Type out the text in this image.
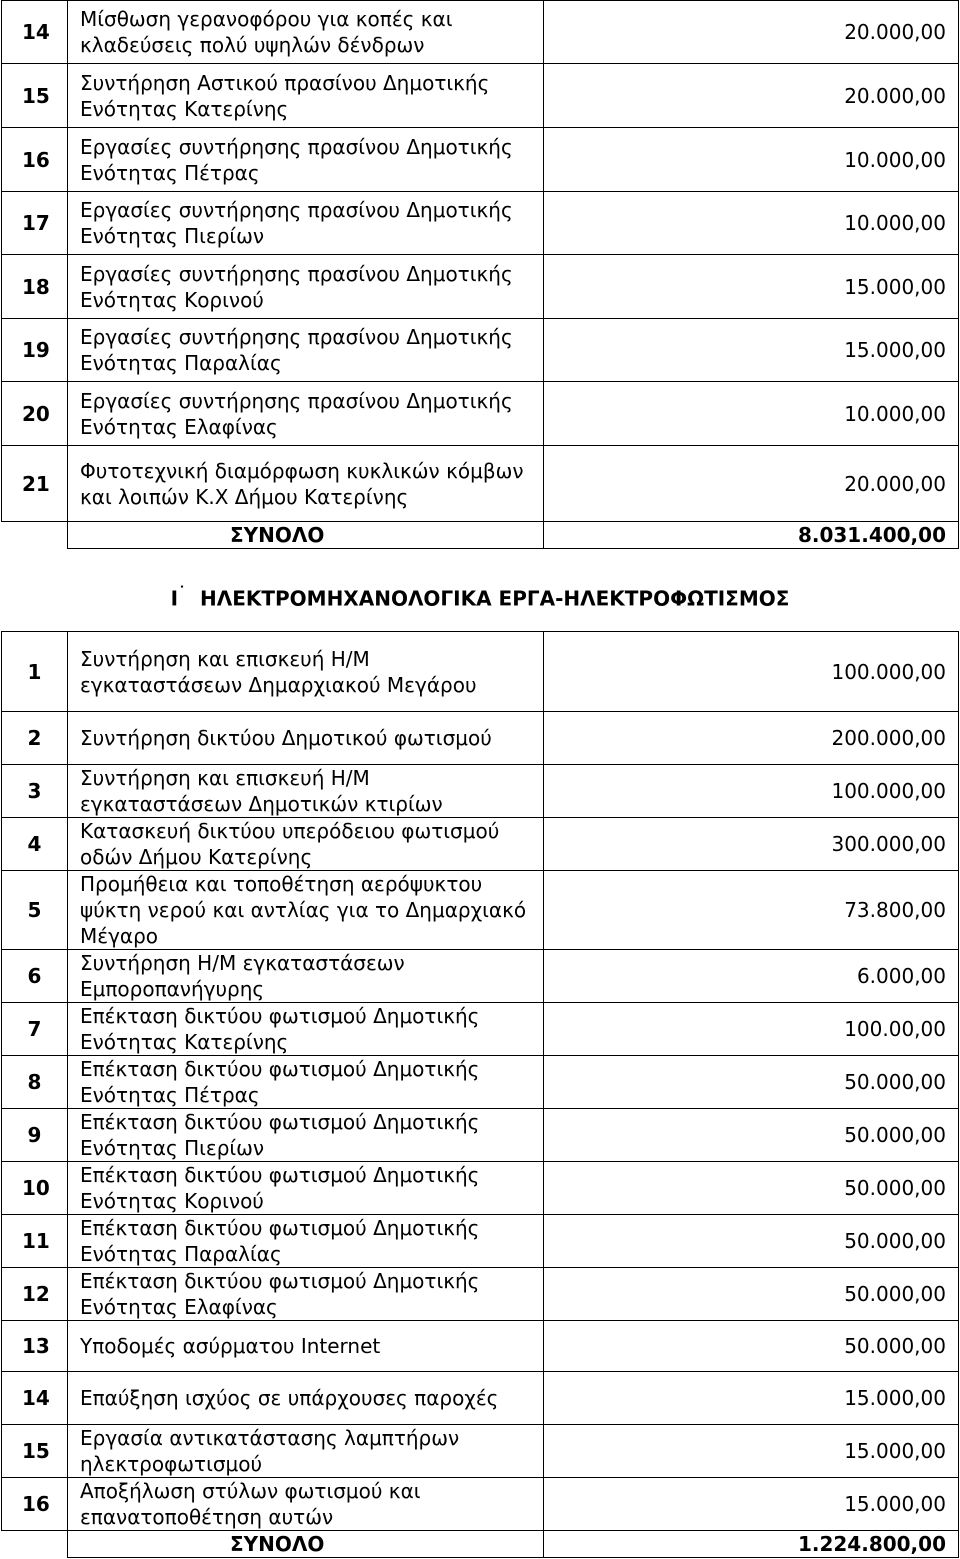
14	Μίσθωση γερανοφόρου για κοπές και κλαδεύσεις πολύ υψηλών δένδρων	20.000,00
15	Συντήρηση Αστικού πρασίνου Δημοτικής Ενότητας Κατερίνης	20.000,00
16	Εργασίες συντήρησης πρασίνου Δημοτικής Ενότητας Πέτρας	10.000,00
17	Εργασίες συντήρησης πρασίνου Δημοτικής Ενότητας Πιερίων	10.000,00
18	Εργασίες συντήρησης πρασίνου Δημοτικής Ενότητας Κορινού	15.000,00
19	Εργασίες συντήρησης πρασίνου Δημοτικής Ενότητας Παραλίας	15.000,00
20	Εργασίες συντήρησης πρασίνου Δημοτικής Ενότητας Ελαφίνας	10.000,00
21	Φυτοτεχνική διαμόρφωση κυκλικών κόμβων και λοιπών Κ.Χ Δήμου Κατερίνης	20.000,00
	ΣΥΝΟΛΟ	8.031.400,00
Ι˙ ΗΛΕΚΤΡΟΜΗΧΑΝΟΛΟΓΙΚΑ ΕΡΓΑ-ΗΛΕΚΤΡΟΦΩΤΙΣΜΟΣ
1	Συντήρηση και επισκευή Η/Μ εγκαταστάσεων Δημαρχιακού Μεγάρου	100.000,00
2	Συντήρηση δικτύου Δημοτικού φωτισμού	200.000,00
3	Συντήρηση και επισκευή Η/Μ εγκαταστάσεων Δημοτικών κτιρίων	100.000,00
4	Κατασκευή δικτύου υπερόδειου φωτισμού οδών Δήμου Κατερίνης	300.000,00
5	Προμήθεια και τοποθέτηση αερόψυκτου ψύκτη νερού και αντλίας για το Δημαρχιακό Μέγαρο	73.800,00
6	Συντήρηση Η/Μ εγκαταστάσεων Εμποροπανήγυρης	6.000,00
7	Επέκταση δικτύου φωτισμού Δημοτικής Ενότητας Κατερίνης	100.00,00
8	Επέκταση δικτύου φωτισμού Δημοτικής Ενότητας Πέτρας	50.000,00
9	Επέκταση δικτύου φωτισμού Δημοτικής Ενότητας Πιερίων	50.000,00
10	Επέκταση δικτύου φωτισμού Δημοτικής Ενότητας Κορινού	50.000,00
11	Επέκταση δικτύου φωτισμού Δημοτικής Ενότητας Παραλίας	50.000,00
12	Επέκταση δικτύου φωτισμού Δημοτικής Ενότητας Ελαφίνας	50.000,00
13	Υποδομές ασύρματου Internet	50.000,00
14	Επαύξηση ισχύος σε υπάρχουσες παροχές	15.000,00
15	Εργασία αντικατάστασης λαμπτήρων ηλεκτροφωτισμού	15.000,00
16	Αποξήλωση στύλων φωτισμού και επανατοποθέτηση αυτών	15.000,00
	ΣΥΝΟΛΟ	1.224.800,00
